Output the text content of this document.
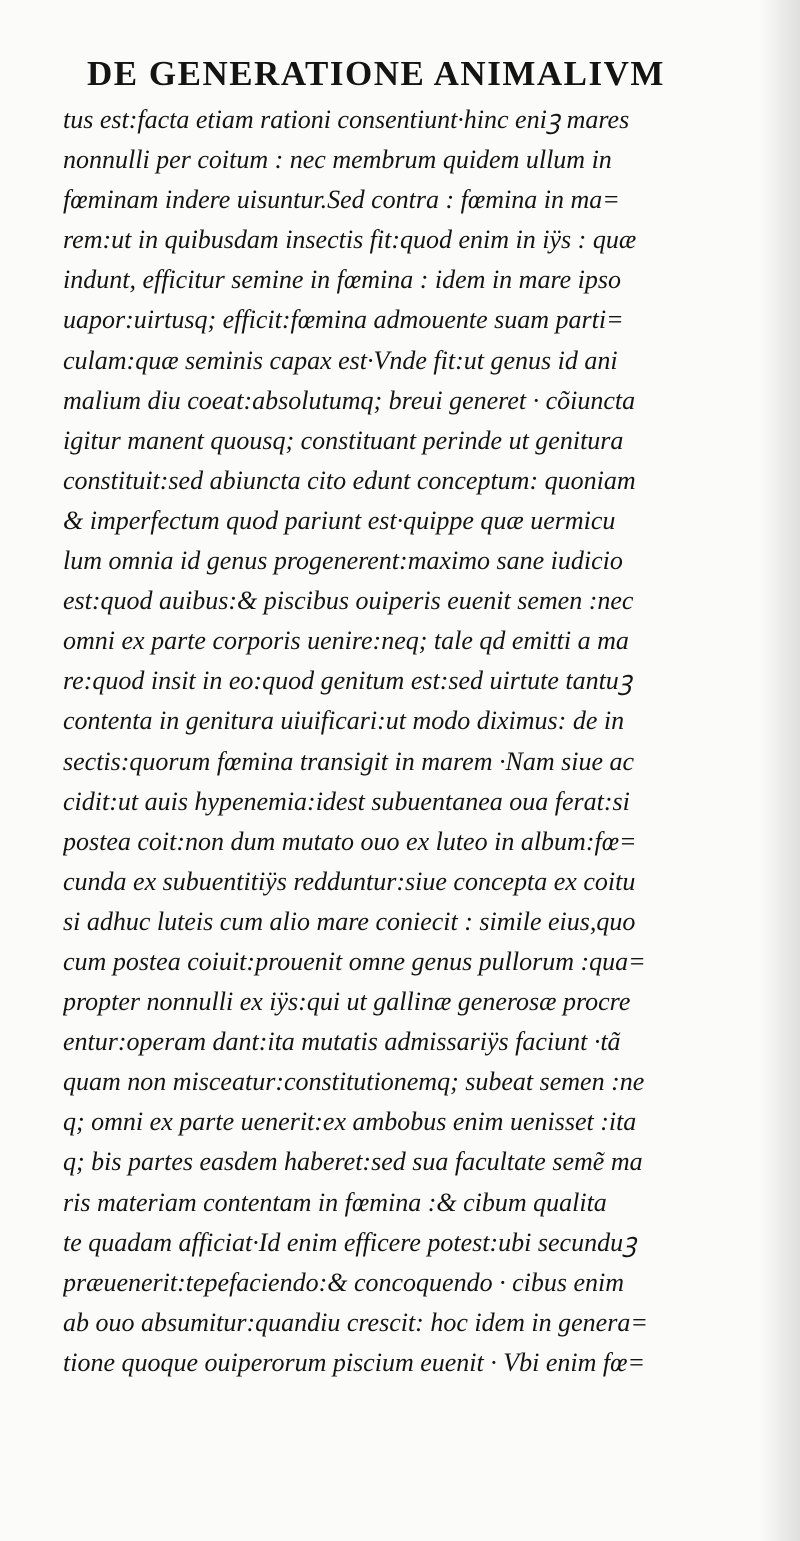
DE GENERATIONE ANIMALIVM
tus est:facta etiam rationi consentiunt·hinc eniꝫ mares
nonnulli per coitum : nec membrum quidem ullum in
fœminam indere uisuntur.Sed contra : fœmina in ma=
rem:ut in quibusdam insectis fit:quod enim in iÿs : quæ
indunt, efficitur semine in fœmina : idem in mare ipso
uapor:uirtusq; efficit:fœmina admouente suam parti=
culam:quæ seminis capax est·Vnde fit:ut genus id ani
malium diu coeat:absolutumq; breui generet · cõiuncta
igitur manent quousq; constituant perinde ut genitura
constituit:sed abiuncta cito edunt conceptum: quoniam
& imperfectum quod pariunt est·quippe quæ uermicu
lum omnia id genus progenerent:maximo sane iudicio
est:quod auibus:& piscibus ouiperis euenit semen :nec
omni ex parte corporis uenire:neq; tale qd emitti a ma
re:quod insit in eo:quod genitum est:sed uirtute tantuꝫ
contenta in genitura uiuificari:ut modo diximus: de in
sectis:quorum fœmina transigit in marem ·Nam siue ac
cidit:ut auis hypenemia:idest subuentanea oua ferat:si
postea coit:non dum mutato ouo ex luteo in album:fœ=
cunda ex subuentitiÿs redduntur:siue concepta ex coitu
si adhuc luteis cum alio mare coniecit : simile eius,quo
cum postea coiuit:prouenit omne genus pullorum :qua=
propter nonnulli ex iÿs:qui ut gallinæ generosæ procre
entur:operam dant:ita mutatis admissariÿs faciunt ·tã
quam non misceatur:constitutionemq; subeat semen :ne
q; omni ex parte uenerit:ex ambobus enim uenisset :ita
q; bis partes easdem haberet:sed sua facultate semẽ ma
ris materiam contentam in fœmina :& cibum qualita
te quadam afficiat·Id enim efficere potest:ubi secunduꝫ
præuenerit:tepefaciendo:& concoquendo · cibus enim
ab ouo absumitur:quandiu crescit: hoc idem in genera=
tione quoque ouiperorum piscium euenit · Vbi enim fœ=
